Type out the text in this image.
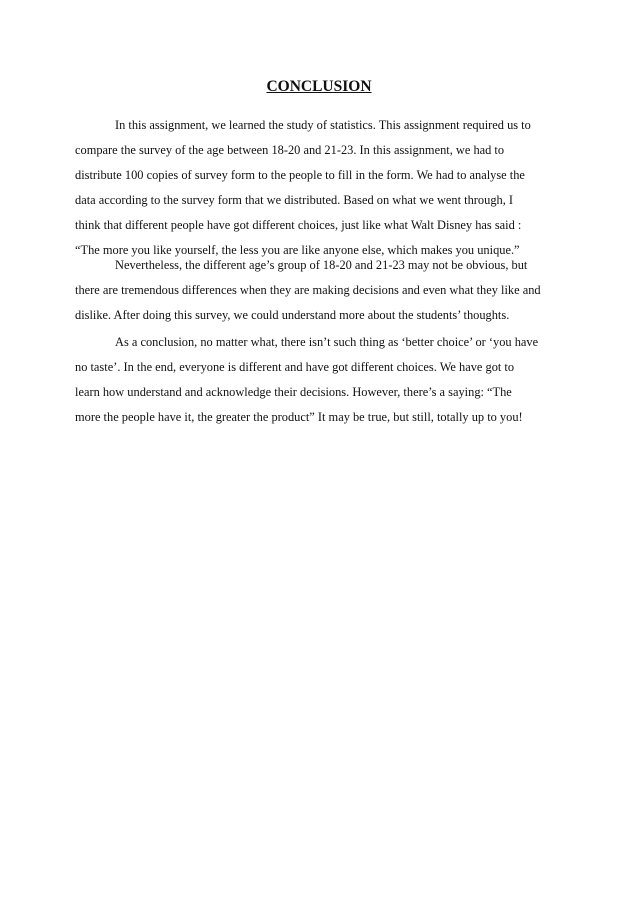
CONCLUSION

In this assignment, we learned the study of statistics. This assignment required us to
compare the survey of the age between 18-20 and 21-23. In this assignment, we had to
distribute 100 copies of survey form to the people to fill in the form. We had to analyse the
data according to the survey form that we distributed. Based on what we went through, I
think that different people have got different choices, just like what Walt Disney has said :
“The more you like yourself, the less you are like anyone else, which makes you unique.”

Nevertheless, the different age’s group of 18-20 and 21-23 may not be obvious, but
there are tremendous differences when they are making decisions and even what they like and
dislike. After doing this survey, we could understand more about the students’ thoughts.

As a conclusion, no matter what, there isn’t such thing as ‘better choice’ or ‘you have
no taste’. In the end, everyone is different and have got different choices. We have got to
learn how understand and acknowledge their decisions. However, there’s a saying: “The
more the people have it, the greater the product” It may be true, but still, totally up to you!
